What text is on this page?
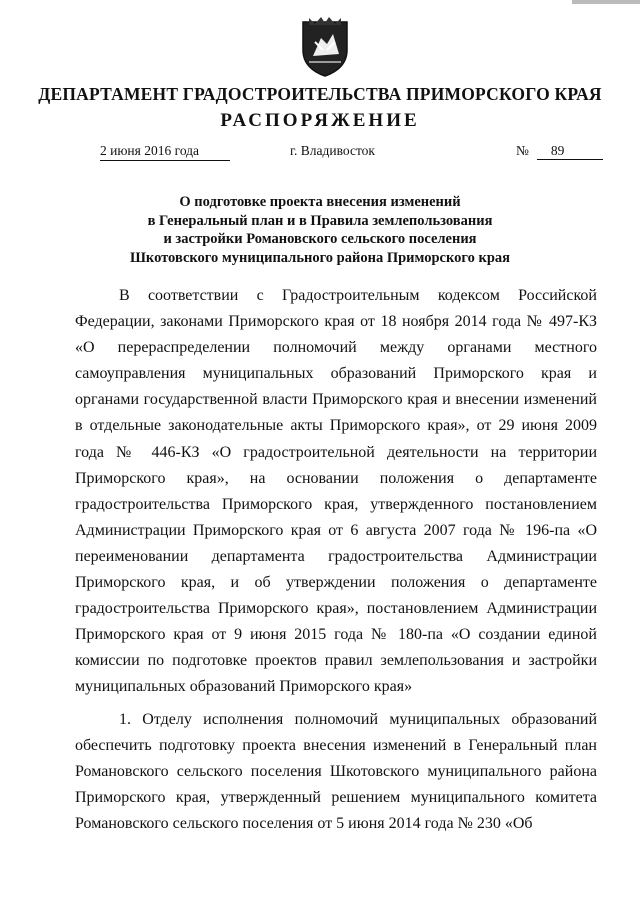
ДЕПАРТАМЕНТ ГРАДОСТРОИТЕЛЬСТВА ПРИМОРСКОГО КРАЯ
РАСПОРЯЖЕНИЕ
2 июня 2016 года	г. Владивосток	№ 89
О подготовке проекта внесения изменений
в Генеральный план и в Правила землепользования
и застройки Романовского сельского поселения
Шкотовского муниципального района Приморского края

В соответствии с Градостроительным кодексом Российской Федерации, законами Приморского края от 18 ноября 2014 года № 497-КЗ «О перераспределении полномочий между органами местного самоуправления муниципальных образований Приморского края и органами государственной власти Приморского края и внесении изменений в отдельные законодательные акты Приморского края», от 29 июня 2009 года № 446-КЗ «О градостроительной деятельности на территории Приморского края», на основании положения о департаменте градостроительства Приморского края, утвержденного постановлением Администрации Приморского края от 6 августа 2007 года № 196-па «О переименовании департамента градостроительства Администрации Приморского края, и об утверждении положения о департаменте градостроительства Приморского края», постановлением Администрации Приморского края от 9 июня 2015 года № 180-па «О создании единой комиссии по подготовке проектов правил землепользования и застройки муниципальных образований Приморского края»

1. Отделу исполнения полномочий муниципальных образований обеспечить подготовку проекта внесения изменений в Генеральный план Романовского сельского поселения Шкотовского муниципального района Приморского края, утвержденный решением муниципального комитета Романовского сельского поселения от 5 июня 2014 года № 230 «Об
